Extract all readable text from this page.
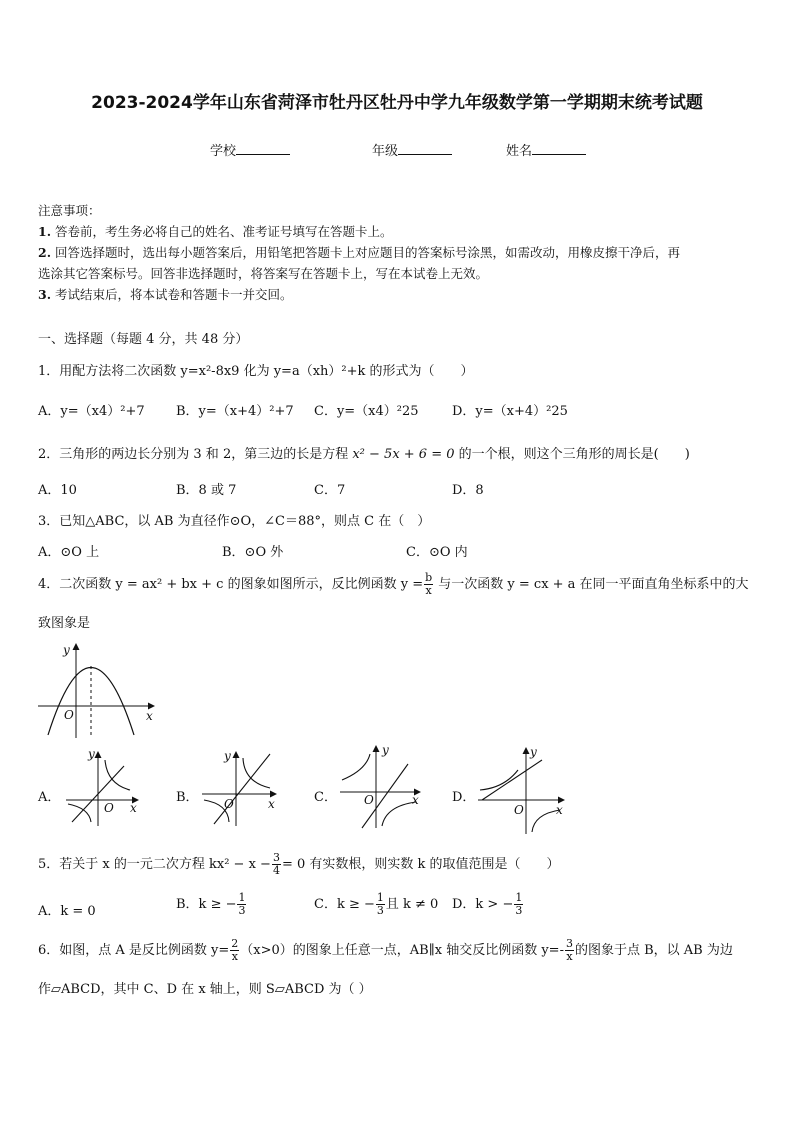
2023-2024学年山东省菏泽市牡丹区牡丹中学九年级数学第一学期期末统考试题
学校	年级	姓名
注意事项：
1. 答卷前，考生务必将自己的姓名、准考证号填写在答题卡上。
2. 回答选择题时，选出每小题答案后，用铅笔把答题卡上对应题目的答案标号涂黑，如需改动，用橡皮擦干净后，再
选涂其它答案标号。回答非选择题时，将答案写在答题卡上，写在本试卷上无效。
3. 考试结束后，将本试卷和答题卡一并交回。
一、选择题（每题 4 分，共 48 分）
1．用配方法将二次函数 y=x²-8x9 化为 y=a（xh）²+k 的形式为（　　）
A．y=（x4）²+7 B．y=（x+4）²+7 C．y=（x4）²25	D．y=（x+4）²25
2．三角形的两边长分别为 3 和 2，第三边的长是方程 x² − 5x + 6 = 0 的一个根，则这个三角形的周长是(　　)
A．10	B．8 或 7	C．7	D．8
3．已知△ABC，以 AB 为直径作⊙O，∠C＝88°，则点 C 在（　）
A．⊙O 上	B．⊙O 外	C．⊙O 内
4．二次函数 y = ax² + bx + c 的图象如图所示，反比例函数 $y = \frac{b}{x}$ 与一次函数 y = cx + a 在同一平面直角坐标系中的大
致图象是
y
O	x
A．
y
O x
B．
y
O	x	C．
y
O	x	D．
y
O	x
5．若关于 x 的一元二次方程 $kx^2 - x - \frac{3}{4} = 0$ 有实数根，则实数 k 的取值范围是（　　）
A．k = 0	B．k ≥ − $\frac{1}{3}$	C．k ≥ − $\frac{1}{3}$ 且 k ≠ 0 D．k > − $\frac{1}{3}$
6．如图，点 A 是反比例函数 $y= \frac{2}{x} (x>0)$的图象上任意一点，AB∥x 轴交反比例函数 $y=- \frac{3}{x}$ 的图象于点 B，以 AB 为边
作▱ABCD，其中 C、D 在 x 轴上，则 S▱ABCD 为（ ）
